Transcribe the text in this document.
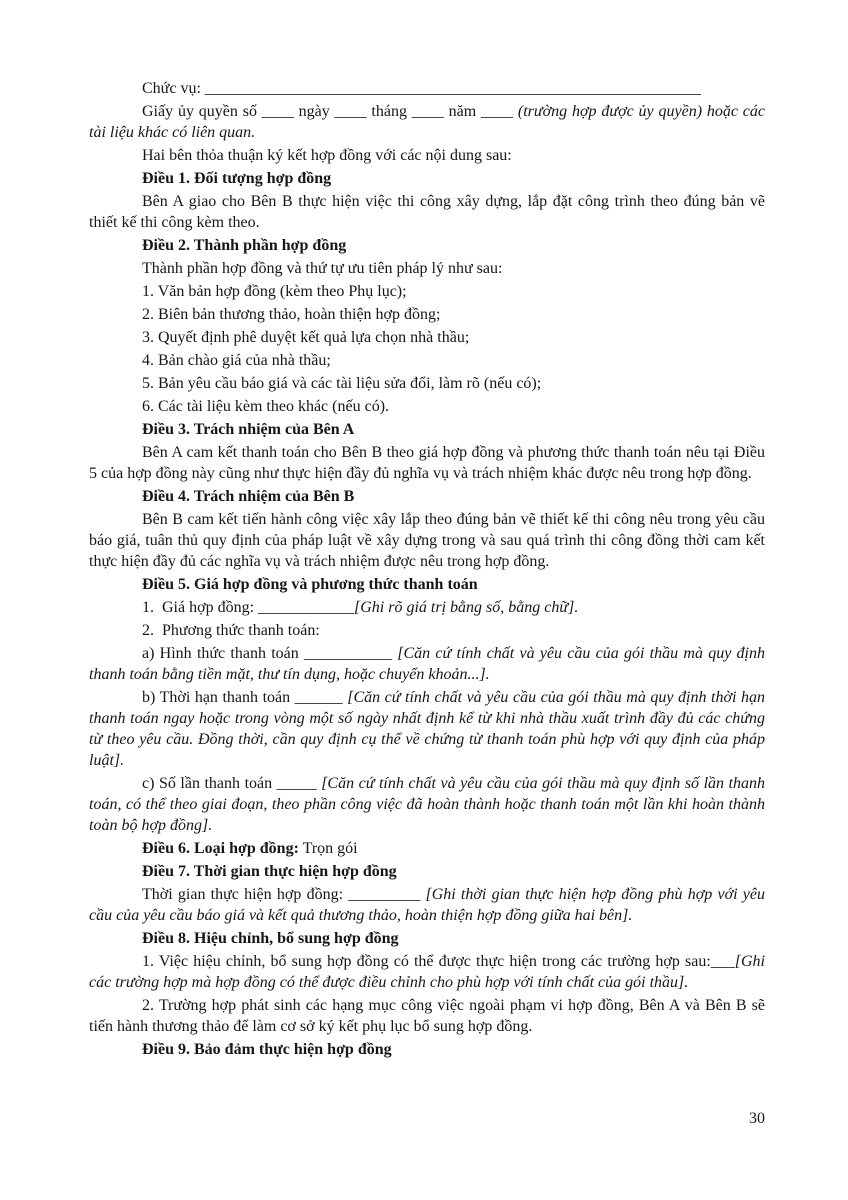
Chức vụ: ______________________________________________________________

Giấy ủy quyền số ____ ngày ____ tháng ____ năm ____ (trường hợp được ủy quyền) hoặc các tài liệu khác có liên quan.

Hai bên thỏa thuận ký kết hợp đồng với các nội dung sau:

Điều 1. Đối tượng hợp đồng

Bên A giao cho Bên B thực hiện việc thi công xây dựng, lắp đặt công trình theo đúng bản vẽ thiết kế thi công kèm theo.

Điều 2. Thành phần hợp đồng

Thành phần hợp đồng và thứ tự ưu tiên pháp lý như sau:

1. Văn bản hợp đồng (kèm theo Phụ lục);

2. Biên bản thương thảo, hoàn thiện hợp đồng;

3. Quyết định phê duyệt kết quả lựa chọn nhà thầu;

4. Bản chào giá của nhà thầu;

5. Bản yêu cầu báo giá và các tài liệu sửa đổi, làm rõ (nếu có);

6. Các tài liệu kèm theo khác (nếu có).

Điều 3. Trách nhiệm của Bên A

Bên A cam kết thanh toán cho Bên B theo giá hợp đồng và phương thức thanh toán nêu tại Điều 5 của hợp đồng này cũng như thực hiện đầy đủ nghĩa vụ và trách nhiệm khác được nêu trong hợp đồng.

Điều 4. Trách nhiệm của Bên B

Bên B cam kết tiến hành công việc xây lắp theo đúng bản vẽ thiết kế thi công nêu trong yêu cầu báo giá, tuân thủ quy định của pháp luật về xây dựng trong và sau quá trình thi công đồng thời cam kết thực hiện đầy đủ các nghĩa vụ và trách nhiệm được nêu trong hợp đồng.

Điều 5. Giá hợp đồng và phương thức thanh toán

1.  Giá hợp đồng: ____________[Ghi rõ giá trị bằng số, bằng chữ].

2.  Phương thức thanh toán:

a) Hình thức thanh toán ___________ [Căn cứ tính chất và yêu cầu của gói thầu mà quy định thanh toán bằng tiền mặt, thư tín dụng, hoặc chuyển khoản...].

b) Thời hạn thanh toán ______ [Căn cứ tính chất và yêu cầu của gói thầu mà quy định thời hạn thanh toán ngay hoặc trong vòng một số ngày nhất định kể từ khi nhà thầu xuất trình đầy đủ các chứng từ theo yêu cầu. Đồng thời, cần quy định cụ thể về chứng từ thanh toán phù hợp với quy định của pháp luật].

c) Số lần thanh toán _____ [Căn cứ tính chất và yêu cầu của gói thầu mà quy định số lần thanh toán, có thể theo giai đoạn, theo phần công việc đã hoàn thành hoặc thanh toán một lần khi hoàn thành toàn bộ hợp đồng].

Điều 6. Loại hợp đồng: Trọn gói

Điều 7. Thời gian thực hiện hợp đồng

Thời gian thực hiện hợp đồng: _________ [Ghi thời gian thực hiện hợp đồng phù hợp với yêu cầu của yêu cầu báo giá và kết quả thương thảo, hoàn thiện hợp đồng giữa hai bên].

Điều 8. Hiệu chỉnh, bổ sung hợp đồng

1. Việc hiệu chỉnh, bổ sung hợp đồng có thể được thực hiện trong các trường hợp sau:___[Ghi các trường hợp mà hợp đồng có thể được điều chỉnh cho phù hợp với tính chất của gói thầu].

2. Trường hợp phát sinh các hạng mục công việc ngoài phạm vi hợp đồng, Bên A và Bên B sẽ tiến hành thương thảo để làm cơ sở ký kết phụ lục bổ sung hợp đồng.

Điều 9. Bảo đảm thực hiện hợp đồng

30
